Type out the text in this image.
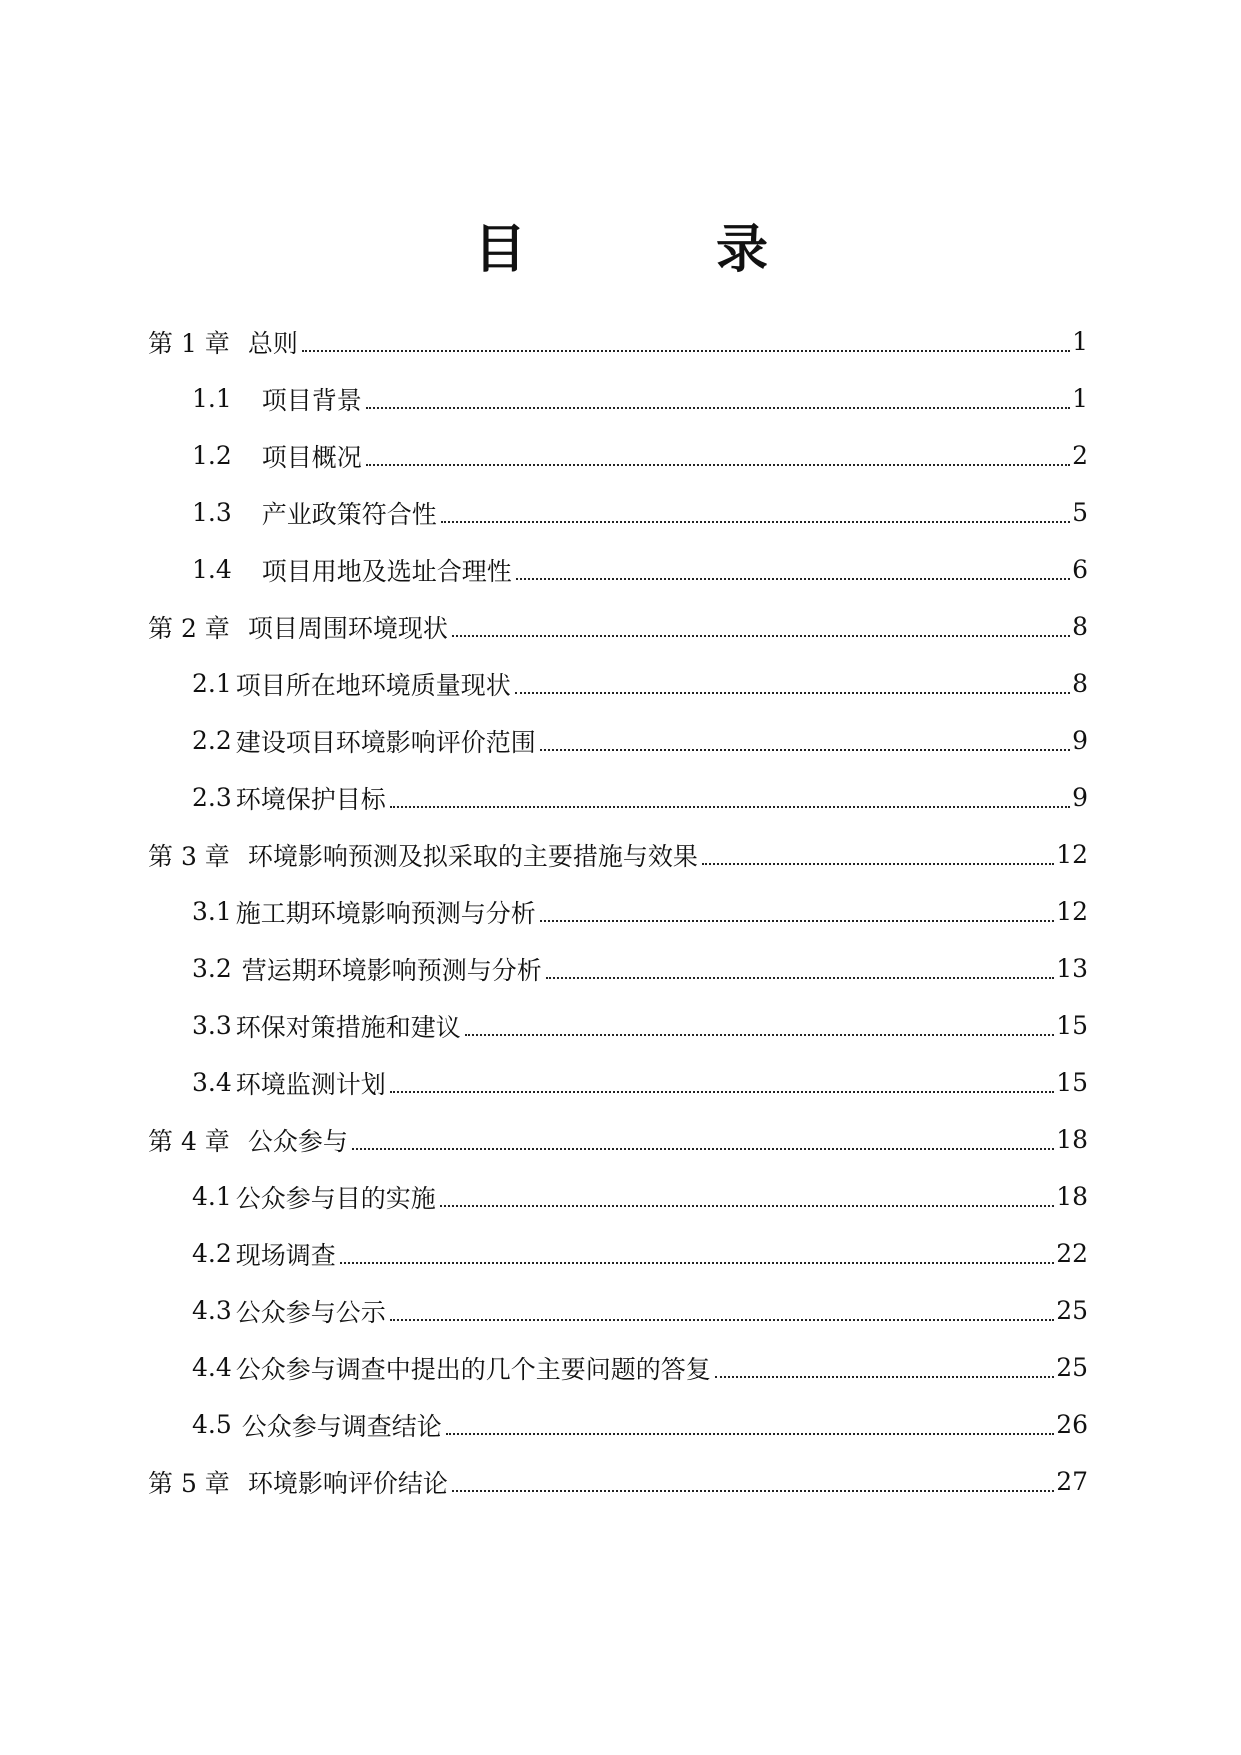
目	录
第 1 章 总则	1
1.1 项目背景	1
1.2 项目概况	2
1.3 产业政策符合性	5
1.4 项目用地及选址合理性	6
第 2 章 项目周围环境现状	8
2.1 项目所在地环境质量现状	8
2.2 建设项目环境影响评价范围	9
2.3 环境保护目标	9
第 3 章 环境影响预测及拟采取的主要措施与效果	12
3.1 施工期环境影响预测与分析	12
3.2 营运期环境影响预测与分析	13
3.3 环保对策措施和建议	15
3.4 环境监测计划	15
第 4 章 公众参与	18
4.1 公众参与目的实施	18
4.2 现场调查	22
4.3 公众参与公示	25
4.4 公众参与调查中提出的几个主要问题的答复	25
4.5 公众参与调查结论	26
第 5 章 环境影响评价结论	27
